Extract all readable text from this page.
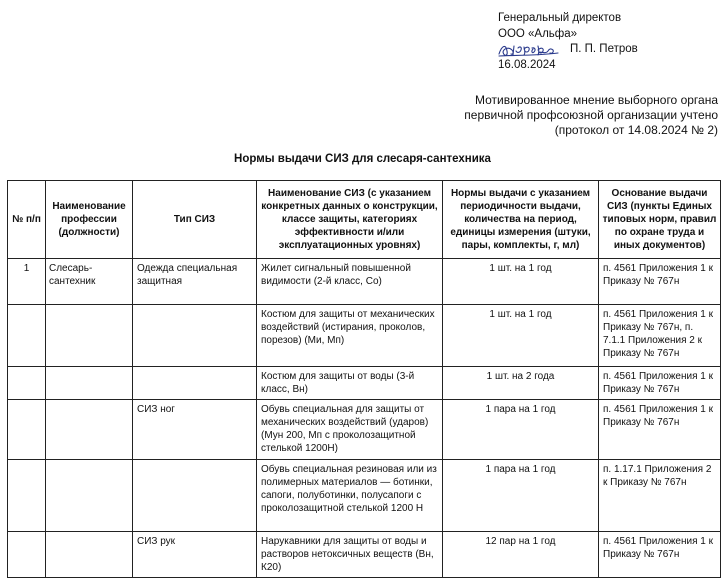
Генеральный директов
ООО «Альфа»
П. П. Петров
16.08.2024
Мотивированное мнение выборного органа
первичной профсоюзной организации учтено
(протокол от 14.08.2024 № 2)
Нормы выдачи СИЗ для слесаря-сантехника
№ п/п	Наименование профессии (должности)	Тип СИЗ	Наименование СИЗ (с указанием конкретных данных о конструкции, классе защиты, категориях эффективности и/или эксплуатационных уровнях)	Нормы выдачи с указанием периодичности выдачи, количества на период, единицы измерения (штуки, пары, комплекты, г, мл)	Основание выдачи СИЗ (пункты Единых типовых норм, правил по охране труда и иных документов)
1	Слесарь-сантехник	Одежда специальная защитная	Жилет сигнальный повышенной видимости (2-й класс, Со)	1 шт. на 1 год	п. 4561 Приложения 1 к Приказу № 767н
			Костюм для защиты от механических воздействий (истирания, проколов, порезов) (Ми, Мп)	1 шт. на 1 год	п. 4561 Приложения 1 к Приказу № 767н, п. 7.1.1 Приложения 2 к Приказу № 767н
			Костюм для защиты от воды (3-й класс, Вн)	1 шт. на 2 года	п. 4561 Приложения 1 к Приказу № 767н
		СИЗ ног	Обувь специальная для защиты от механических воздействий (ударов) (Мун 200, Мп с проколозащитной стелькой 1200Н)	1 пара на 1 год	п. 4561 Приложения 1 к Приказу № 767н
			Обувь специальная резиновая или из полимерных материалов — ботинки, сапоги, полуботинки, полусапоги с проколозащитной стелькой 1200 Н	1 пара на 1 год	п. 1.17.1 Приложения 2 к Приказу № 767н
		СИЗ рук	Нарукавники для защиты от воды и растворов нетоксичных веществ (Вн, К20)	12 пар на 1 год	п. 4561 Приложения 1 к Приказу № 767н
